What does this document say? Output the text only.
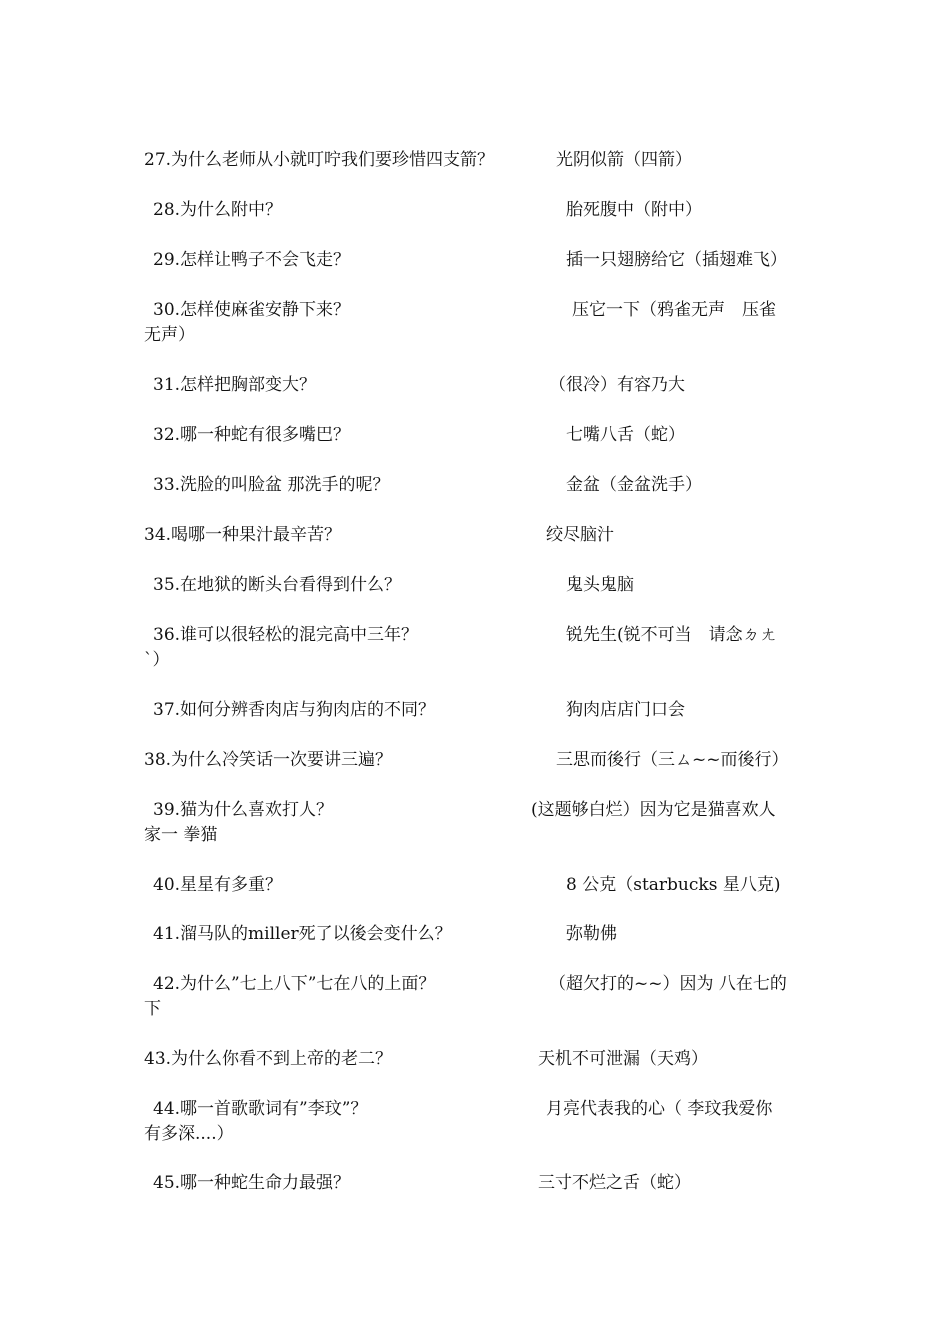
27.为什么老师从小就叮咛我们要珍惜四支箭？	光阴似箭（四箭）
28.为什么附中？	胎死腹中（附中）
29.怎样让鸭子不会飞走？	插一只翅膀给它（插翅难飞）
30.怎样使麻雀安静下来？	压它一下（鸦雀无声　压雀
无声）
31.怎样把胸部变大？	（很冷）有容乃大
32.哪一种蛇有很多嘴巴？	七嘴八舌（蛇）
33.洗脸的叫脸盆 那洗手的呢？	金盆（金盆洗手）
34.喝哪一种果汁最辛苦？	绞尽脑汁
35.在地狱的断头台看得到什么？	鬼头鬼脑
36.谁可以很轻松的混完高中三年？	锐先生(锐不可当　请念ㄉㄤ
ˋ）
37.如何分辨香肉店与狗肉店的不同？	狗肉店店门口会
38.为什么冷笑话一次要讲三遍？	三思而後行（三ㄙ~~而後行）
39.猫为什么喜欢打人？	(这题够白烂）因为它是猫喜欢人
家一 拳猫
40.星星有多重？	8 公克（starbucks 星八克)
41.溜马队的miller死了以後会变什么？	弥勒佛
42.为什么”七上八下”七在八的上面？	（超欠打的~~）因为 八在七的
下
43.为什么你看不到上帝的老二？	天机不可泄漏（天鸡）
44.哪一首歌歌词有”李玟”？	月亮代表我的心（ 李玟我爱你
有多深....）
45.哪一种蛇生命力最强？	三寸不烂之舌（蛇）
